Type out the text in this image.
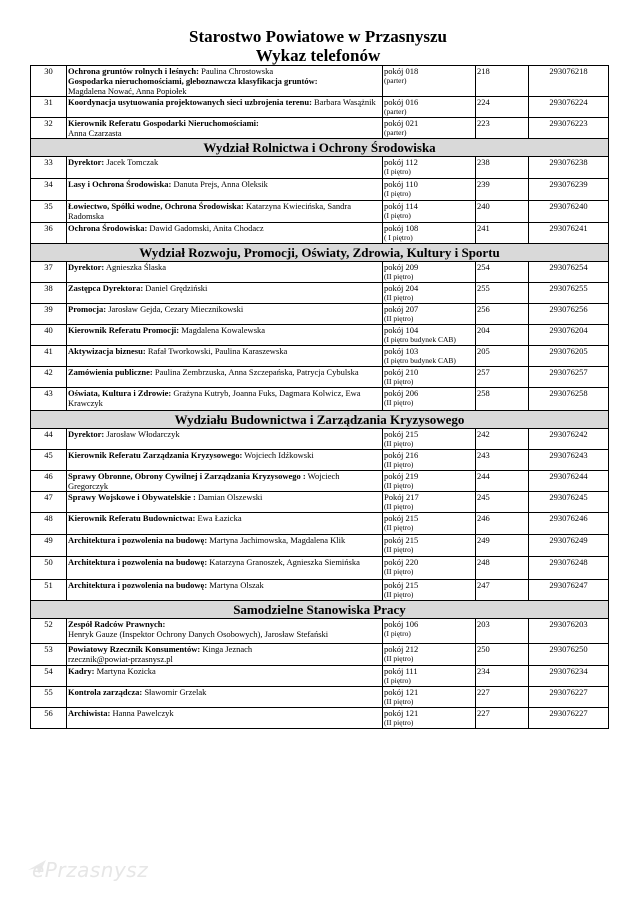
Starostwo Powiatowe w Przasnyszu
Wykaz telefonów
30	Ochrona gruntów rolnych i leśnych: Paulina Chrostowska
Gospodarka nieruchomościami, gleboznawcza klasyfikacja gruntów:
Magdalena Nować, Anna Popiołek	pokój 018
(parter)	218	293076218
31	Koordynacja usytuowania projektowanych sieci uzbrojenia terenu: Barbara Wasążnik	pokój 016
(parter)	224	293076224
32	Kierownik Referatu Gospodarki Nieruchomościami:
Anna Czarzasta	pokój 021
(parter)	223	293076223
Wydział Rolnictwa i Ochrony Środowiska				
33	Dyrektor: Jacek Tomczak	pokój 112
(I piętro)	238	293076238
34	Lasy i Ochrona Środowiska: Danuta Prejs, Anna Oleksik	pokój 110
(I piętro)	239	293076239
35	Łowiectwo, Spółki wodne, Ochrona Środowiska: Katarzyna Kwiecińska, Sandra Radomska	pokój 114
(I piętro)	240	293076240
36	Ochrona Środowiska: Dawid Gadomski, Anita Chodacz	pokój 108
( I piętro)	241	293076241
Wydział Rozwoju, Promocji, Oświaty, Zdrowia, Kultury i Sportu				
37	Dyrektor: Agnieszka Ślaska	pokój 209
(II piętro)	254	293076254
38	Zastępca Dyrektora: Daniel Grędziński	pokój 204
(II piętro)	255	293076255
39	Promocja: Jarosław Gejda, Cezary Miecznikowski	pokój 207
(II piętro)	256	293076256
40	Kierownik Referatu Promocji: Magdalena Kowalewska	pokój 104
(I piętro budynek CAB)	204	293076204
41	Aktywizacja biznesu: Rafał Tworkowski, Paulina Karaszewska	pokój 103
(I piętro budynek CAB)	205	293076205
42	Zamówienia publiczne: Paulina Zembrzuska, Anna Szczepańska, Patrycja Cybulska	pokój 210
(II piętro)	257	293076257
43	Oświata, Kultura i Zdrowie: Grażyna Kutryb, Joanna Fuks, Dagmara Kolwicz, Ewa Krawczyk	pokój 206
(II piętro)	258	293076258
Wydziału Budownictwa i Zarządzania Kryzysowego				
44	Dyrektor: Jarosław Włodarczyk	pokój 215
(II piętro)	242	293076242
45	Kierownik Referatu Zarządzania Kryzysowego: Wojciech Idźkowski	pokój 216
(II piętro)	243	293076243
46	Sprawy Obronne, Obrony Cywilnej i Zarządzania Kryzysowego : Wojciech Gregorczyk	pokój 219
(II piętro)	244	293076244
47	Sprawy Wojskowe i Obywatelskie : Damian Olszewski	Pokój 217
(II piętro)	245	293076245
48	Kierownik Referatu Budownictwa: Ewa Łazicka	pokój 215
(II piętro)	246	293076246
49	Architektura i pozwolenia na budowę: Martyna Jachimowska, Magdalena Klik	pokój 215
(II piętro)	249	293076249
50	Architektura i pozwolenia na budowę: Katarzyna Granoszek, Agnieszka Siemińska	pokój 220
(II piętro)	248	293076248
51	Architektura i pozwolenia na budowę: Martyna Olszak	pokój 215
(II piętro)	247	293076247
Samodzielne Stanowiska Pracy				
52	Zespół Radców Prawnych:
Henryk Gauze (Inspektor Ochrony Danych Osobowych), Jarosław Stefański	pokój 106
(I piętro)	203	293076203
53	Powiatowy Rzecznik Konsumentów: Kinga Jeznach
rzecznik@powiat-przasnysz.pl	pokój 212
(II piętro)	250	293076250
54	Kadry: Martyna Kozicka	pokój 111
(I piętro)	234	293076234
55	Kontrola zarządcza: Sławomir Grzelak	pokój 121
(II piętro)	227	293076227
56	Archiwista: Hanna Pawelczyk	pokój 121
(II piętro)	227	293076227
ePrzasnysz
